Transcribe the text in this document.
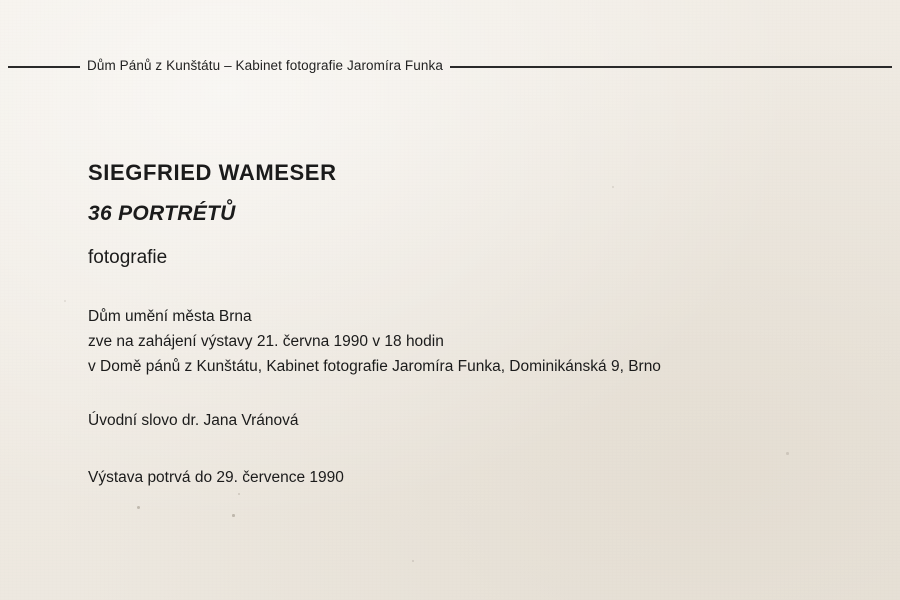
Dům Pánů z Kunštátu – Kabinet fotografie Jaromíra Funka
SIEGFRIED WAMESER
36 PORTRÉTŮ
fotografie
Dům umění města Brna
zve na zahájení výstavy 21. června 1990 v 18 hodin
v Domě pánů z Kunštátu, Kabinet fotografie Jaromíra Funka, Dominikánská 9, Brno
Úvodní slovo dr. Jana Vránová
Výstava potrvá do 29. července 1990
